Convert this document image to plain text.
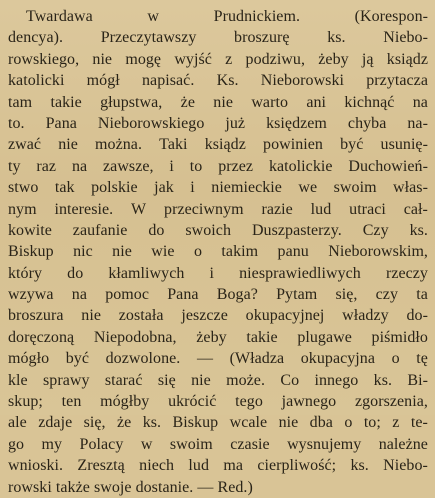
Twardawa	w	Prudnickiem.	(Korespon-
dencya). Przeczytawszy broszurę ks. Niebo-
rowskiego, nie mogę wyjść z podziwu, żeby ją ksiądz
katolicki mógł napisać. Ks. Nieborowski przytacza
tam takie głupstwa, że nie warto ani kichnąć na
to. Pana Nieborowskiego już księdzem chyba na-
zwać nie można. Taki ksiądz powinien być usunię-
ty raz na zawsze, i to przez katolickie Duchowień-
stwo tak polskie jak i niemieckie we swoim włas-
nym interesie. W przeciwnym razie lud utraci cał-
kowite zaufanie do swoich Duszpasterzy. Czy ks.
Biskup nic nie wie o takim panu Nieborowskim,
który do kłamliwych i niesprawiedliwych rzeczy
wzywa na pomoc Pana Boga? Pytam się, czy ta
broszura nie została jeszcze okupacyjnej władzy do-
doręczoną Niepodobna, żeby takie plugawe piśmidło
mógło być dozwolone. — (Władza okupacyjna o tę
kle sprawy starać się nie może. Co innego ks. Bi-
skup; ten mógłby ukrócić tego jawnego zgorszenia,
ale zdaje się, że ks. Biskup wcale nie dba o to; z te-
go my Polacy w swoim czasie wysnujemy należne
wnioski. Zresztą niech lud ma cierpliwość; ks. Niebo-
rowski także swoje dostanie. — Red.)
